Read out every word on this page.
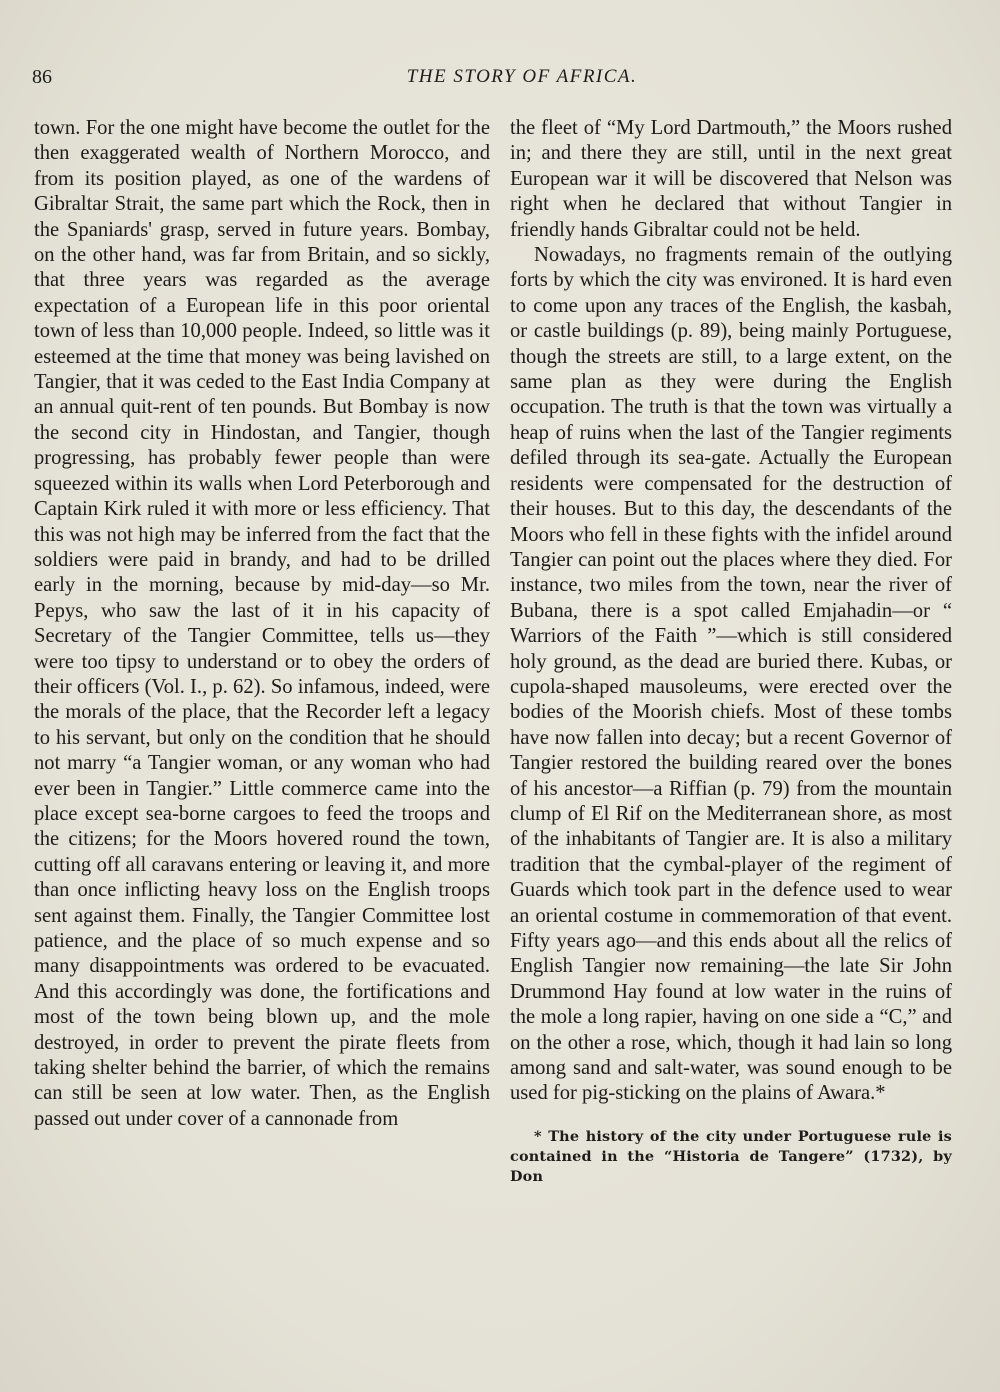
86	THE STORY OF AFRICA.

town. For the one might have become the outlet for the then exaggerated wealth of Northern Morocco, and from its position played, as one of the wardens of Gibraltar Strait, the same part which the Rock, then in the Spaniards' grasp, served in future years. Bombay, on the other hand, was far from Britain, and so sickly, that three years was regarded as the average expectation of a European life in this poor oriental town of less than 10,000 people. Indeed, so little was it esteemed at the time that money was being lavished on Tangier, that it was ceded to the East India Company at an annual quit-rent of ten pounds. But Bombay is now the second city in Hindostan, and Tangier, though progressing, has probably fewer people than were squeezed within its walls when Lord Peterborough and Captain Kirk ruled it with more or less efficiency. That this was not high may be inferred from the fact that the soldiers were paid in brandy, and had to be drilled early in the morning, because by mid-day—so Mr. Pepys, who saw the last of it in his capacity of Secretary of the Tangier Committee, tells us—they were too tipsy to understand or to obey the orders of their officers (Vol. I., p. 62). So infamous, indeed, were the morals of the place, that the Recorder left a legacy to his servant, but only on the condition that he should not marry “a Tangier woman, or any woman who had ever been in Tangier.” Little commerce came into the place except sea-borne cargoes to feed the troops and the citizens; for the Moors hovered round the town, cutting off all caravans entering or leaving it, and more than once inflicting heavy loss on the English troops sent against them. Finally, the Tangier Committee lost patience, and the place of so much expense and so many disappointments was ordered to be evacuated. And this accordingly was done, the fortifications and most of the town being blown up, and the mole destroyed, in order to prevent the pirate fleets from taking shelter behind the barrier, of which the remains can still be seen at low water. Then, as the English passed out under cover of a cannonade from

the fleet of “My Lord Dartmouth,” the Moors rushed in; and there they are still, until in the next great European war it will be discovered that Nelson was right when he declared that without Tangier in friendly hands Gibraltar could not be held.

Nowadays, no fragments remain of the outlying forts by which the city was environed. It is hard even to come upon any traces of the English, the kasbah, or castle buildings (p. 89), being mainly Portuguese, though the streets are still, to a large extent, on the same plan as they were during the English occupation. The truth is that the town was virtually a heap of ruins when the last of the Tangier regiments defiled through its sea-gate. Actually the European residents were compensated for the destruction of their houses. But to this day, the descendants of the Moors who fell in these fights with the infidel around Tangier can point out the places where they died. For instance, two miles from the town, near the river of Bubana, there is a spot called Emjahadin—or “ Warriors of the Faith ”—which is still considered holy ground, as the dead are buried there. Kubas, or cupola-shaped mausoleums, were erected over the bodies of the Moorish chiefs. Most of these tombs have now fallen into decay; but a recent Governor of Tangier restored the building reared over the bones of his ancestor—a Riffian (p. 79) from the mountain clump of El Rif on the Mediterranean shore, as most of the inhabitants of Tangier are. It is also a military tradition that the cymbal-player of the regiment of Guards which took part in the defence used to wear an oriental costume in commemoration of that event. Fifty years ago—and this ends about all the relics of English Tangier now remaining—the late Sir John Drummond Hay found at low water in the ruins of the mole a long rapier, having on one side a “C,” and on the other a rose, which, though it had lain so long among sand and salt-water, was sound enough to be used for pig-sticking on the plains of Awara.*

* The history of the city under Portuguese rule is contained in the “Historia de Tangere” (1732), by Don
